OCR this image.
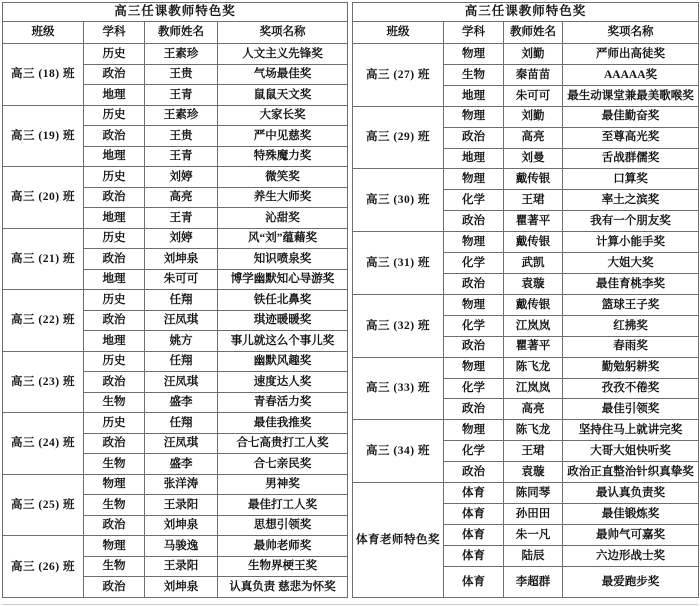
高三任课教师特色奖			
班级	学科	教师姓名	奖项名称
高三 (18) 班	历史	王素珍	人文主义先锋奖
	政治	王贵	气场最佳奖
	地理	王青	鼠鼠天文奖
高三 (19) 班	历史	王素珍	大家长奖
	政治	王贵	严中见慈奖
	地理	王青	特殊魔力奖
高三 (20) 班	历史	刘婷	微笑奖
	政治	高亮	养生大师奖
	地理	王青	沁甜奖
高三 (21) 班	历史	刘婷	风“刘”蕴藉奖
	政治	刘坤泉	知识喷泉奖
	地理	朱可可	博学幽默知心导游奖
高三 (22) 班	历史	任翔	铁任北鼻奖
	政治	汪凤琪	琪迹暖暖奖
	地理	姚方	事儿就这么个事儿奖
高三 (23) 班	历史	任翔	幽默风趣奖
	政治	汪凤琪	速度达人奖
	生物	盛李	青春活力奖
高三 (24) 班	历史	任翔	最佳我推奖
	政治	汪凤琪	合七高贵打工人奖
	生物	盛李	合七亲民奖
高三 (25) 班	物理	张洋涛	男神奖
	生物	王录阳	最佳打工人奖
	政治	刘坤泉	思想引领奖
高三 (26) 班	物理	马骏逸	最帅老师奖
	生物	王录阳	生物界梗王奖
	政治	刘坤泉	认真负责 慈悲为怀奖
高三任课教师特色奖			
班级	学科	教师姓名	奖项名称
高三 (27) 班	物理	刘勤	严师出高徒奖
	生物	秦苗苗	AAAAA奖
	地理	朱可可	最生动课堂兼最美歌喉奖
高三 (29) 班	物理	刘勤	最佳勤奋奖
	政治	高亮	至尊高光奖
	地理	刘曼	舌战群儒奖
高三 (30) 班	物理	戴传银	口算奖
	化学	王珺	率土之滨奖
	政治	瞿著平	我有一个朋友奖
高三 (31) 班	物理	戴传银	计算小能手奖
	化学	武凯	大姐大奖
	政治	袁璇	最佳育桃李奖
高三 (32) 班	物理	戴传银	篮球王子奖
	化学	江岚岚	红拂奖
	政治	瞿著平	春雨奖
高三 (33) 班	物理	陈飞龙	勤勉躬耕奖
	化学	江岚岚	孜孜不倦奖
	政治	高亮	最佳引领奖
高三 (34) 班	物理	陈飞龙	坚持住马上就讲完奖
	化学	王珺	大哥大姐快听奖
	政治	袁璇	政治正直整治针织真挚奖
体育老师特色奖	体育	陈同琴	最认真负责奖
	体育	孙田田	最佳锻炼奖
	体育	朱一凡	最帅气可嘉奖
	体育	陆辰	六边形战士奖
	体育	李超群	最爱跑步奖
